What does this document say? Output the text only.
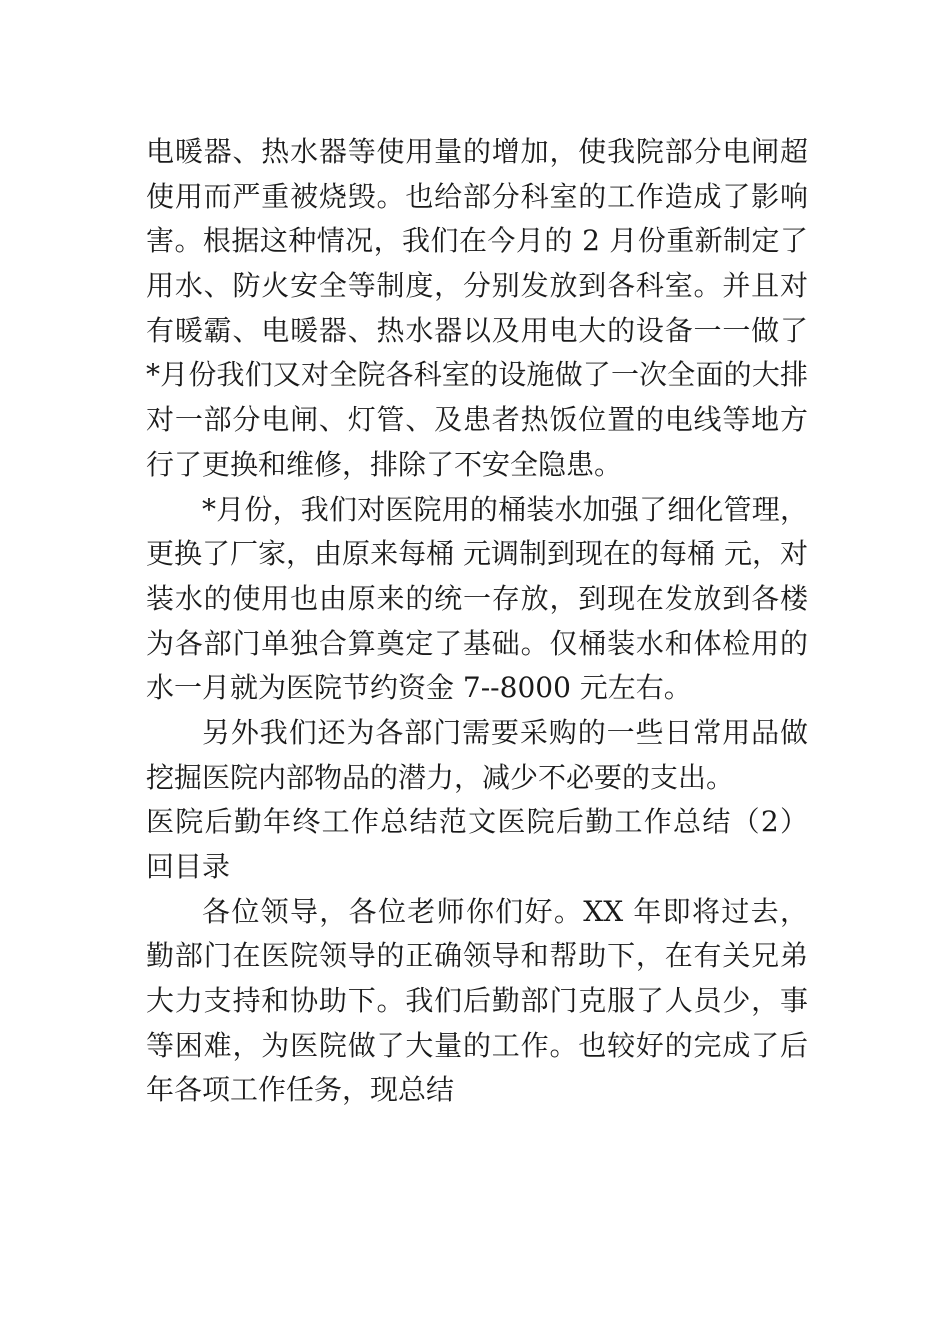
电暖器、热水器等使用量的增加，使我院部分电闸超
使用而严重被烧毁。也给部分科室的工作造成了影响
害。根据这种情况，我们在今月的 2 月份重新制定了
用水、防火安全等制度，分别发放到各科室。并且对
有暖霸、电暖器、热水器以及用电大的设备一一做了
*月份我们又对全院各科室的设施做了一次全面的大排
对一部分电闸、灯管、及患者热饭位置的电线等地方
行了更换和维修，排除了不安全隐患。
*月份，我们对医院用的桶装水加强了细化管理，
更换了厂家，由原来每桶 元调制到现在的每桶 元，对
装水的使用也由原来的统一存放，到现在发放到各楼
为各部门单独合算奠定了基础。仅桶装水和体检用的
水一月就为医院节约资金 7--8000 元左右。
另外我们还为各部门需要采购的一些日常用品做
挖掘医院内部物品的潜力，减少不必要的支出。
医院后勤年终工作总结范文医院后勤工作总结（2）
回目录
各位领导，各位老师你们好。XX 年即将过去，
勤部门在医院领导的正确领导和帮助下，在有关兄弟
大力支持和协助下。我们后勤部门克服了人员少，事
等困难，为医院做了大量的工作。也较好的完成了后
年各项工作任务，现总结
